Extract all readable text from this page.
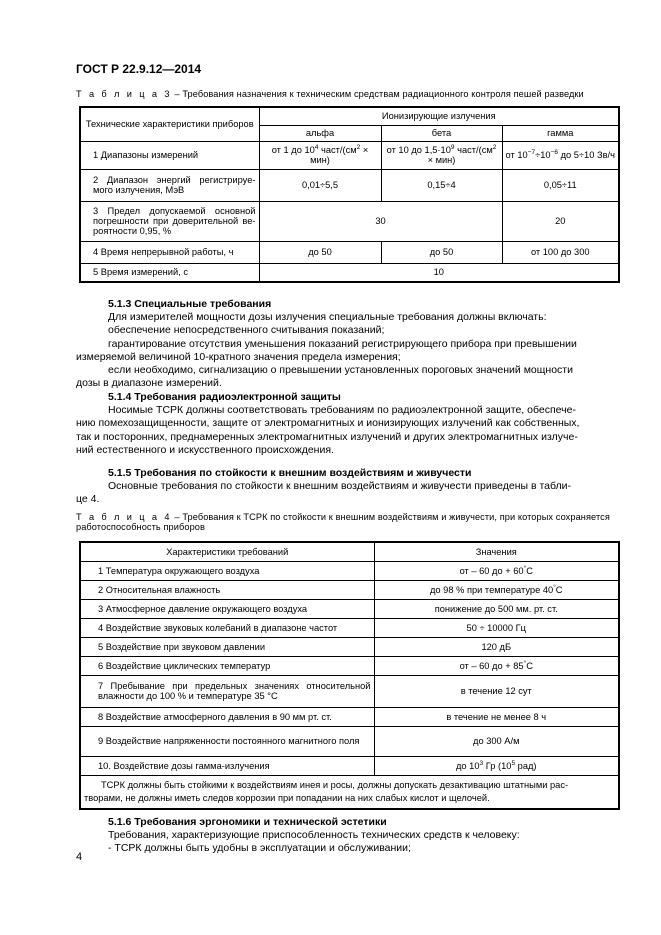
ГОСТ Р 22.9.12—2014
Т а б л и ц а 3 – Требования назначения к техническим средствам радиационного контроля пешей разведки
Технические характеристики приборов	Ионизирующие излучения		
	альфа	бета	гамма
1 Диапазоны измерений	от 1 до $10^4$ част/$(см^2 \times мин)$	от 10 до $1,5\cdot 10^9$ част/$(см^2 \times мин)$	от $10^{-7}\div 10^{-6}$ до 5÷10 Зв/ч
2 Диапазон энергий регистрируе-мого излучения, МэВ	0,01÷5,5	0,15÷4	0,05÷11
3 Предел допускаемой основной погрешности при доверительной ве-роятности 0,95, %	30		20
4 Время непрерывной работы, ч	до 50	до 50	от 100 до 300
5 Время измерений, с	10		
5.1.3 Специальные требования
Для измерителей мощности дозы излучения специальные требования должны включать:
обеспечение непосредственного считывания показаний;
гарантирование отсутствия уменьшения показаний регистрирующего прибора при превышении
измеряемой величиной 10-кратного значения предела измерения;
если необходимо, сигнализацию о превышении установленных пороговых значений мощности
дозы в диапазоне измерений.
5.1.4 Требования радиоэлектронной защиты
Носимые ТСРК должны соответствовать требованиям по радиоэлектронной защите, обеспече-
нию помехозащищенности, защите от электромагнитных и ионизирующих излучений как собственных,
так и посторонних, преднамеренных электромагнитных излучений и других электромагнитных излуче-
ний естественного и искусственного происхождения.
5.1.5 Требования по стойкости к внешним воздействиям и живучести
Основные требования по стойкости к внешним воздействиям и живучести приведены в табли-
це 4.
Т а б л и ц а 4 – Требования к ТСРК по стойкости к внешним воздействиям и живучести, при которых сохраняется
работоспособность приборов
Характеристики требований	Значения
1 Температура окружающего воздуха	от – 60 до + 60°С
2 Относительная влажность	до 98 % при температуре 40°С
3 Атмосферное давление окружающего воздуха	понижение до 500 мм. рт. ст.
4 Воздействие звуковых колебаний в диапазоне частот	50 ÷ 10000 Гц
5 Воздействие при звуковом давлении	120 дБ
6 Воздействие циклических температур	от – 60 до + 85°С
7 Пребывание при предельных значениях относительной влажности до 100 % и температуре 35 °С	в течение 12 сут
8 Воздействие атмосферного давления в 90 мм рт. ст.	в течение не менее 8 ч
9 Воздействие напряженности постоянного магнитного поля	до 300 А/м
10. Воздействие дозы гамма-излучения	до $10^3$ Гр ($10^5$ рад)

ТСРК должны быть стойкими к воздействиям инея и росы, должны допускать дезактивацию штатными рас-
творами, не должны иметь следов коррозии при попадании на них слабых кислот и щелочей.	
5.1.6 Требования эргономики и технической эстетики
Требования, характеризующие приспособленность технических средств к человеку:
- ТСРК должны быть удобны в эксплуатации и обслуживании;
4
